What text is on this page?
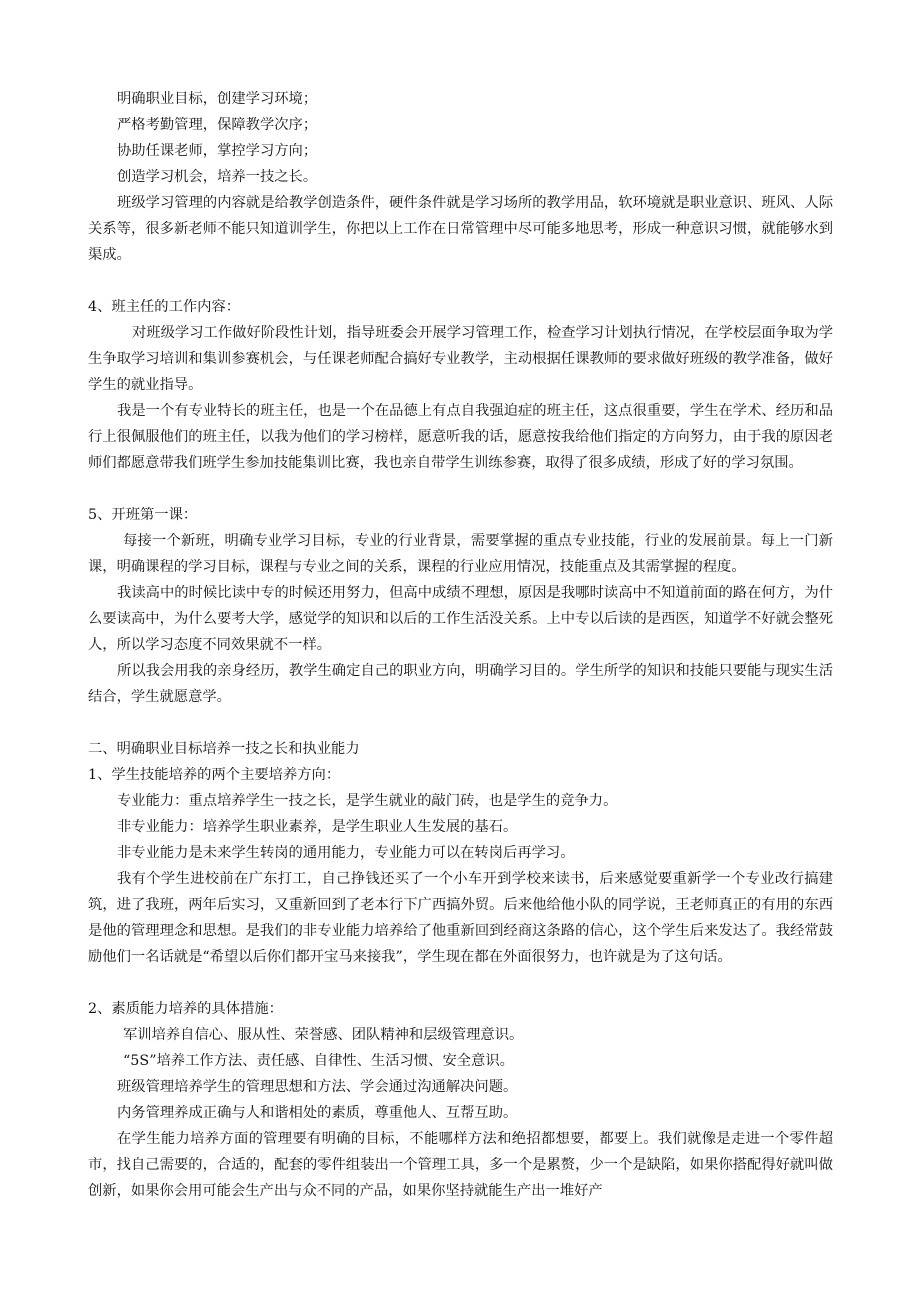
明确职业目标，创建学习环境；

严格考勤管理，保障教学次序；

协助任课老师，掌控学习方向；

创造学习机会，培养一技之长。

班级学习管理的内容就是给教学创造条件，硬件条件就是学习场所的教学用品，软环境就是职业意识、班风、人际关系等，很多新老师不能只知道训学生，你把以上工作在日常管理中尽可能多地思考，形成一种意识习惯，就能够水到渠成。

4、班主任的工作内容：

对班级学习工作做好阶段性计划，指导班委会开展学习管理工作，检查学习计划执行情况，在学校层面争取为学生争取学习培训和集训参赛机会，与任课老师配合搞好专业教学，主动根据任课教师的要求做好班级的教学准备，做好学生的就业指导。

我是一个有专业特长的班主任，也是一个在品德上有点自我强迫症的班主任，这点很重要，学生在学术、经历和品行上很佩服他们的班主任，以我为他们的学习榜样，愿意听我的话，愿意按我给他们指定的方向努力，由于我的原因老师们都愿意带我们班学生参加技能集训比赛，我也亲自带学生训练参赛，取得了很多成绩，形成了好的学习氛围。

5、开班第一课：

每接一个新班，明确专业学习目标，专业的行业背景，需要掌握的重点专业技能，行业的发展前景。每上一门新课，明确课程的学习目标，课程与专业之间的关系，课程的行业应用情况，技能重点及其需掌握的程度。

我读高中的时候比读中专的时候还用努力，但高中成绩不理想，原因是我哪时读高中不知道前面的路在何方，为什么要读高中，为什么要考大学，感觉学的知识和以后的工作生活没关系。上中专以后读的是西医，知道学不好就会整死人，所以学习态度不同效果就不一样。

所以我会用我的亲身经历，教学生确定自己的职业方向，明确学习目的。学生所学的知识和技能只要能与现实生活结合，学生就愿意学。

二、明确职业目标培养一技之长和执业能力

1、学生技能培养的两个主要培养方向：

专业能力：重点培养学生一技之长，是学生就业的敲门砖，也是学生的竞争力。

非专业能力：培养学生职业素养，是学生职业人生发展的基石。

非专业能力是未来学生转岗的通用能力，专业能力可以在转岗后再学习。

我有个学生进校前在广东打工，自己挣钱还买了一个小车开到学校来读书，后来感觉要重新学一个专业改行搞建筑，进了我班，两年后实习，又重新回到了老本行下广西搞外贸。后来他给他小队的同学说，王老师真正的有用的东西是他的管理理念和思想。是我们的非专业能力培养给了他重新回到经商这条路的信心，这个学生后来发达了。我经常鼓励他们一名话就是“希望以后你们都开宝马来接我”，学生现在都在外面很努力，也许就是为了这句话。

2、素质能力培养的具体措施：

军训培养自信心、服从性、荣誉感、团队精神和层级管理意识。

“5S”培养工作方法、责任感、自律性、生活习惯、安全意识。

班级管理培养学生的管理思想和方法、学会通过沟通解决问题。

内务管理养成正确与人和谐相处的素质，尊重他人、互帮互助。

在学生能力培养方面的管理要有明确的目标，不能哪样方法和绝招都想要，都要上。我们就像是走进一个零件超市，找自己需要的，合适的，配套的零件组装出一个管理工具，多一个是累赘，少一个是缺陷，如果你搭配得好就叫做创新，如果你会用可能会生产出与众不同的产品，如果你坚持就能生产出一堆好产
